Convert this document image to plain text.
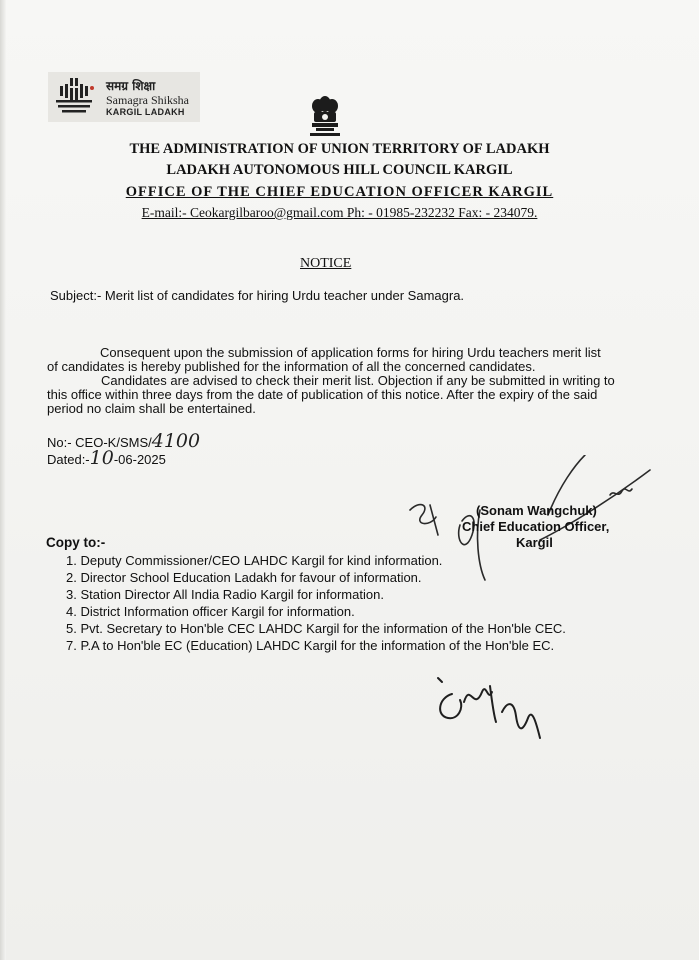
समग्र शिक्षा
Samagra Shiksha
KARGIL LADAKH
THE ADMINISTRATION OF UNION TERRITORY OF LADAKH
LADAKH AUTONOMOUS HILL COUNCIL KARGIL
OFFICE OF THE CHIEF EDUCATION OFFICER KARGIL
E-mail:- Ceokargilbaroo@gmail.com Ph: - 01985-232232 Fax: - 234079.
NOTICE
Subject:- Merit list of candidates for hiring Urdu teacher under Samagra.
Consequent upon the submission of application forms for hiring Urdu teachers merit list
of candidates is hereby published for the information of all the concerned candidates.
Candidates are advised to check their merit list. Objection if any be submitted in writing to
this office within three days from the date of publication of this notice. After the expiry of the said
period no claim shall be entertained.
No:- CEO-K/SMS/4100
Dated:-10-06-2025
(Sonam Wangchuk)
Chief Education Officer,
Kargil
Copy to:-
1. Deputy Commissioner/CEO LAHDC Kargil for kind information.
2. Director School Education Ladakh for favour of information.
3. Station Director All India Radio Kargil for information.
4. District Information officer Kargil for information.
5. Pvt. Secretary to Hon'ble CEC LAHDC Kargil for the information of the Hon'ble CEC.
7. P.A to Hon'ble EC (Education) LAHDC Kargil for the information of the Hon'ble EC.
